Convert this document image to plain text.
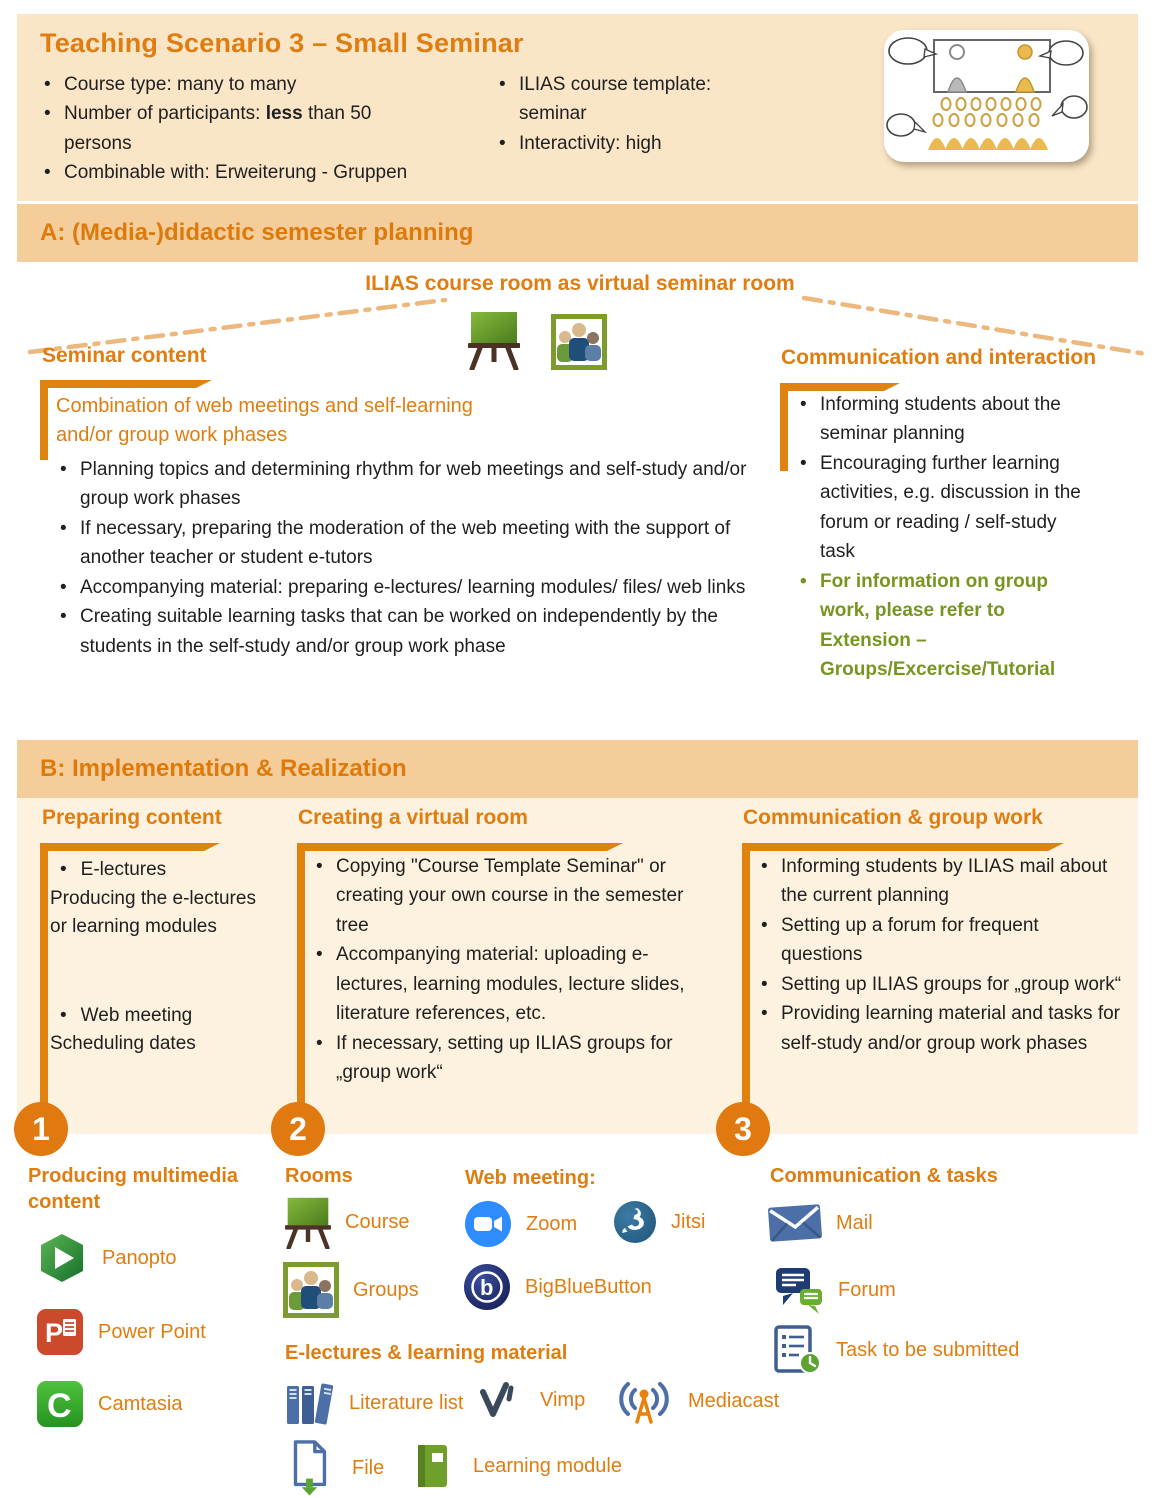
Teaching Scenario 3 – Small Seminar
• Course type: many to many
• Number of participants: less than 50 persons
• Combinable with: Erweiterung - Gruppen
• ILIAS course template: seminar
• Interactivity: high
A: (Media-)didactic semester planning
ILIAS course room as virtual seminar room
Seminar content
Combination of web meetings and self-learning and/or group work phases
• Planning topics and determining rhythm for web meetings and self-study and/or group work phases
• If necessary, preparing the moderation of the web meeting with the support of another teacher or student e-tutors
• Accompanying material: preparing e-lectures/ learning modules/ files/ web links
• Creating suitable learning tasks that can be worked on independently by the students in the self-study and/or group work phase
Communication and interaction
• Informing students about the seminar planning
• Encouraging further learning activities, e.g. discussion in the forum or reading / self-study task
• For information on group work, please refer to Extension – Groups/Excercise/Tutorial
B: Implementation & Realization
Preparing content	Creating a virtual room	Communication & group work
• E-lectures
Producing the e-lectures or learning modules
• Web meeting
Scheduling dates
• Copying "Course Template Seminar" or creating your own course in the semester tree
• Accompanying material: uploading e-lectures, learning modules, lecture slides, literature references, etc.
• If necessary, setting up ILIAS groups for „group work“
• Informing students by ILIAS mail about the current planning
• Setting up a forum for frequent questions
• Setting up ILIAS groups for „group work“
• Providing learning material and tasks for self-study and/or group work phases
1	2	3
Producing multimedia content
Panopto
P Power Point
C Camtasia
Rooms
Course
Groups
Web meeting:
Zoom	Jitsi
b BigBlueButton
E-lectures & learning material
Literature list	Vimp	Mediacast
File	Learning module
Communication & tasks
Mail
Forum
Task to be submitted
